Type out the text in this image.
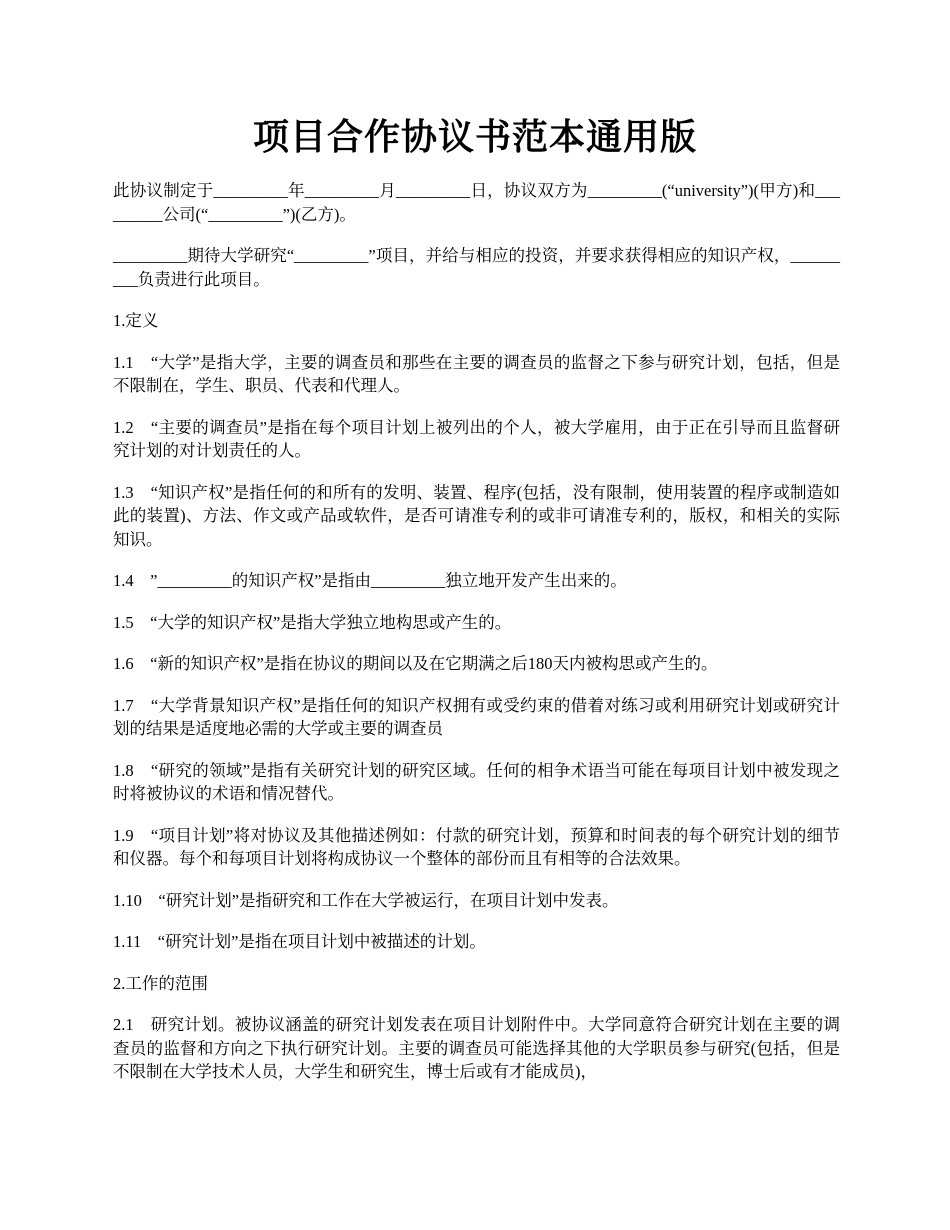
项目合作协议书范本通用版

此协议制定于_________年_________月_________日，协议双方为_________(“university”)(甲方)和_________公司(“_________”)(乙方)。

_________期待大学研究“_________”项目，并给与相应的投资，并要求获得相应的知识产权，_________负责进行此项目。

1.定义

1.1　“大学”是指大学，主要的调查员和那些在主要的调查员的监督之下参与研究计划，包括，但是不限制在，学生、职员、代表和代理人。

1.2　“主要的调查员”是指在每个项目计划上被列出的个人，被大学雇用，由于正在引导而且监督研究计划的对计划责任的人。

1.3　“知识产权”是指任何的和所有的发明、装置、程序(包括，没有限制，使用装置的程序或制造如此的装置)、方法、作文或产品或软件，是否可请准专利的或非可请准专利的，版权，和相关的实际知识。

1.4　”_________的知识产权”是指由_________独立地开发产生出来的。

1.5　“大学的知识产权”是指大学独立地构思或产生的。

1.6　“新的知识产权”是指在协议的期间以及在它期满之后180天内被构思或产生的。

1.7　“大学背景知识产权”是指任何的知识产权拥有或受约束的借着对练习或利用研究计划或研究计划的结果是适度地必需的大学或主要的调查员

1.8　“研究的领域”是指有关研究计划的研究区域。任何的相争术语当可能在每项目计划中被发现之时将被协议的术语和情况替代。

1.9　“项目计划”将对协议及其他描述例如：付款的研究计划，预算和时间表的每个研究计划的细节和仪器。每个和每项目计划将构成协议一个整体的部份而且有相等的合法效果。

1.10　“研究计划”是指研究和工作在大学被运行，在项目计划中发表。

1.11　“研究计划”是指在项目计划中被描述的计划。

2.工作的范围

2.1　研究计划。被协议涵盖的研究计划发表在项目计划附件中。大学同意符合研究计划在主要的调查员的监督和方向之下执行研究计划。主要的调查员可能选择其他的大学职员参与研究(包括，但是不限制在大学技术人员，大学生和研究生，博士后或有才能成员)，
